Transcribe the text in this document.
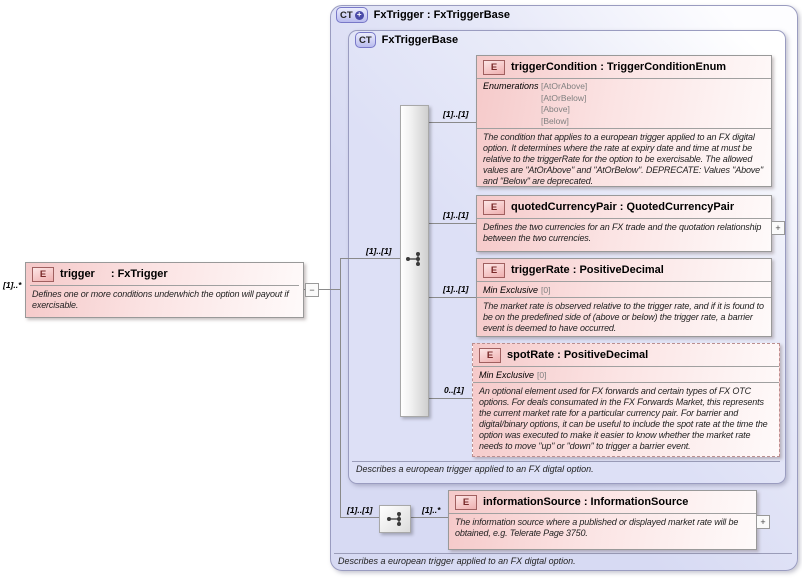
CT + FxTrigger : FxTriggerBase
Describes a european trigger applied to an FX digtal option.
CT FxTriggerBase
Describes a european trigger applied to an FX digtal option.
[1]..*
[1]..[1]
[1]..[1]
[1]..[1]
[1]..[1]
0..[1]
[1]..[1]	[1]..*
E	trigger : FxTrigger
Defines one or more conditions underwhich the option will payout if exercisable.
−
E	triggerCondition : TriggerConditionEnum
Enumerations [AtOrAbove]
[AtOrBelow]
[Above]
[Below]
The condition that applies to a european trigger applied to an FX digital option. It determines where the rate at expiry date and time at must be relative to the triggerRate for the option to be exercisable. The allowed values are "AtOrAbove" and "AtOrBelow". DEPRECATE: Values "Above" and "Below" are deprecated.
E	quotedCurrencyPair : QuotedCurrencyPair
Defines the two currencies for an FX trade and the quotation relationship between the two currencies.
+
E	triggerRate : PositiveDecimal
Min Exclusive [0]
The market rate is observed relative to the trigger rate, and if it is found to be on the predefined side of (above or below) the trigger rate, a barrier event is deemed to have occurred.
E	spotRate : PositiveDecimal
Min Exclusive [0]
An optional element used for FX forwards and certain types of FX OTC options. For deals consumated in the FX Forwards Market, this represents the current market rate for a particular currency pair. For barrier and digital/binary options, it can be useful to include the spot rate at the time the option was executed to make it easier to know whether the market rate needs to move "up" or "down" to trigger a barrier event.
E	informationSource : InformationSource
The information source where a published or displayed market rate will be obtained, e.g. Telerate Page 3750.
+
